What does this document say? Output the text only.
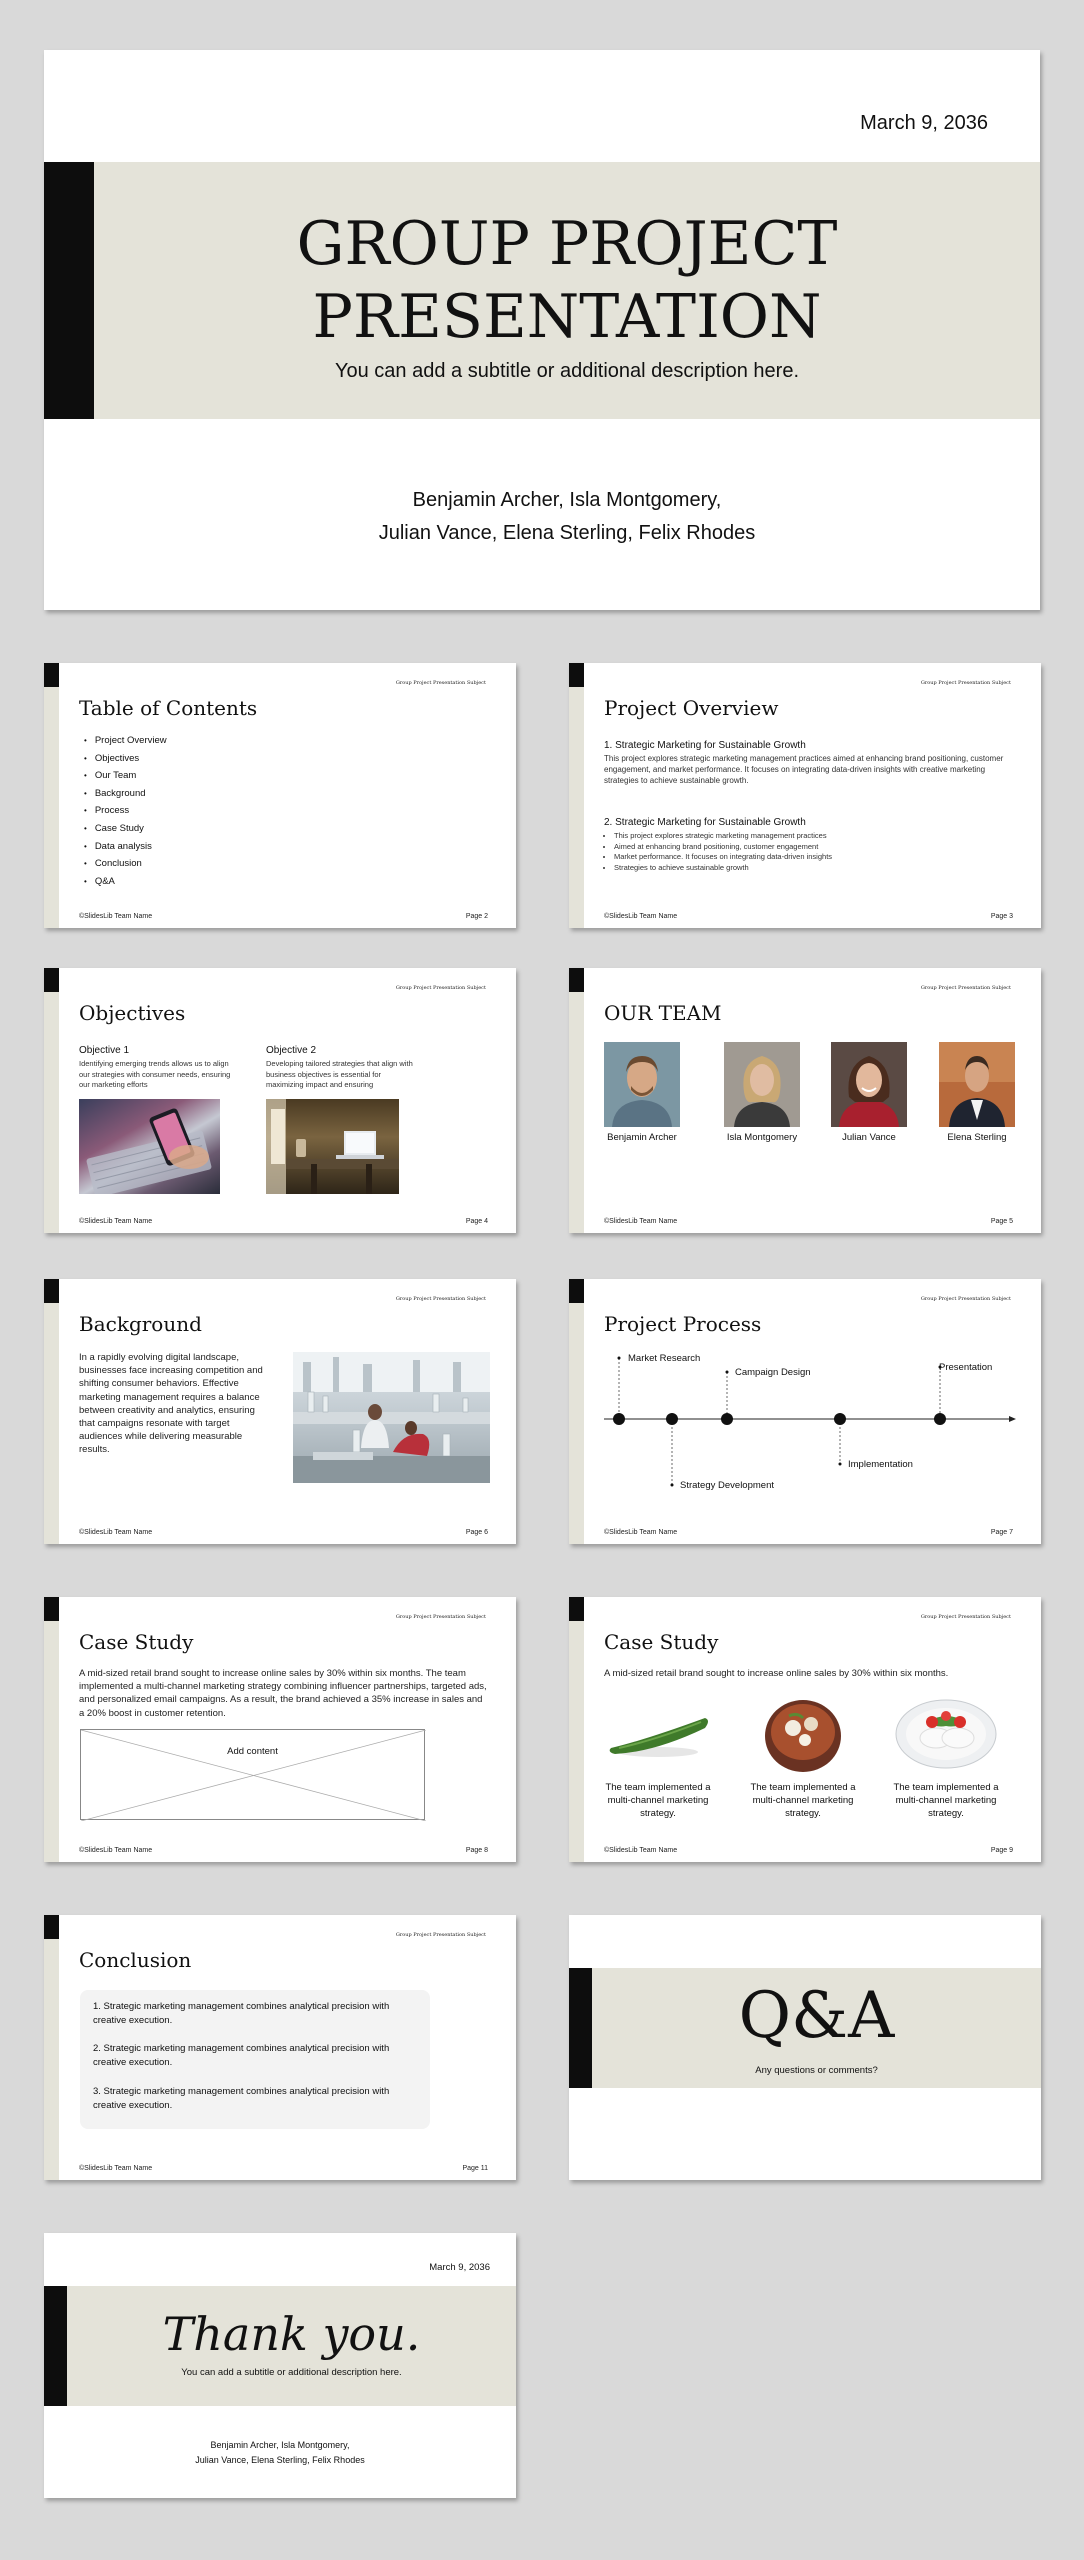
March 9, 2036
GROUP PROJECT
PRESENTATION
You can add a subtitle or additional description here.
Benjamin Archer, Isla Montgomery,
Julian Vance, Elena Sterling, Felix Rhodes
Group Project Presentation Subject
Table of Contents
• Project Overview
• Objectives
• Our Team
• Background
• Process
• Case Study
• Data analysis
• Conclusion
• Q&A
©SlidesLib Team Name	Page 2
Group Project Presentation Subject
Project Overview
1. Strategic Marketing for Sustainable Growth
This project explores strategic marketing management practices aimed at enhancing brand positioning, customer engagement, and market performance. It focuses on integrating data-driven insights with creative marketing strategies to achieve sustainable growth.
2. Strategic Marketing for Sustainable Growth
• This project explores strategic marketing management practices
• Aimed at enhancing brand positioning, customer engagement
• Market performance. It focuses on integrating data-driven insights
• Strategies to achieve sustainable growth
©SlidesLib Team Name	Page 3
Group Project Presentation Subject
Objectives
Objective 1
Identifying emerging trends allows us to align our strategies with consumer needs, ensuring our marketing efforts
Objective 2
Developing tailored strategies that align with business objectives is essential for maximizing impact and ensuring
©SlidesLib Team Name	Page 4
Group Project Presentation Subject
OUR TEAM
Benjamin Archer	Isla Montgomery	Julian Vance	Elena Sterling
©SlidesLib Team Name	Page 5
Group Project Presentation Subject
Background
In a rapidly evolving digital landscape, businesses face increasing competition and shifting consumer behaviors. Effective marketing management requires a balance between creativity and analytics, ensuring that campaigns resonate with target audiences while delivering measurable results.
©SlidesLib Team Name	Page 6
Group Project Presentation Subject
Project Process
Market Research
Strategy Development
Campaign Design
Implementation
Presentation
©SlidesLib Team Name	Page 7
Group Project Presentation Subject
Case Study
A mid-sized retail brand sought to increase online sales by 30% within six months. The team implemented a multi-channel marketing strategy combining influencer partnerships, targeted ads, and personalized email campaigns. As a result, the brand achieved a 35% increase in sales and a 20% boost in customer retention.
Add content
©SlidesLib Team Name	Page 8
Group Project Presentation Subject
Case Study
A mid-sized retail brand sought to increase online sales by 30% within six months.
The team implemented a multi-channel marketing strategy.
The team implemented a multi-channel marketing strategy.
The team implemented a multi-channel marketing strategy.
©SlidesLib Team Name	Page 9
Group Project Presentation Subject
Conclusion
1. Strategic marketing management combines analytical precision with creative execution.
2. Strategic marketing management combines analytical precision with creative execution.
3. Strategic marketing management combines analytical precision with creative execution.
©SlidesLib Team Name	Page 11
Q&A
Any questions or comments?
March 9, 2036
Thank you.
You can add a subtitle or additional description here.
Benjamin Archer, Isla Montgomery,
Julian Vance, Elena Sterling, Felix Rhodes
